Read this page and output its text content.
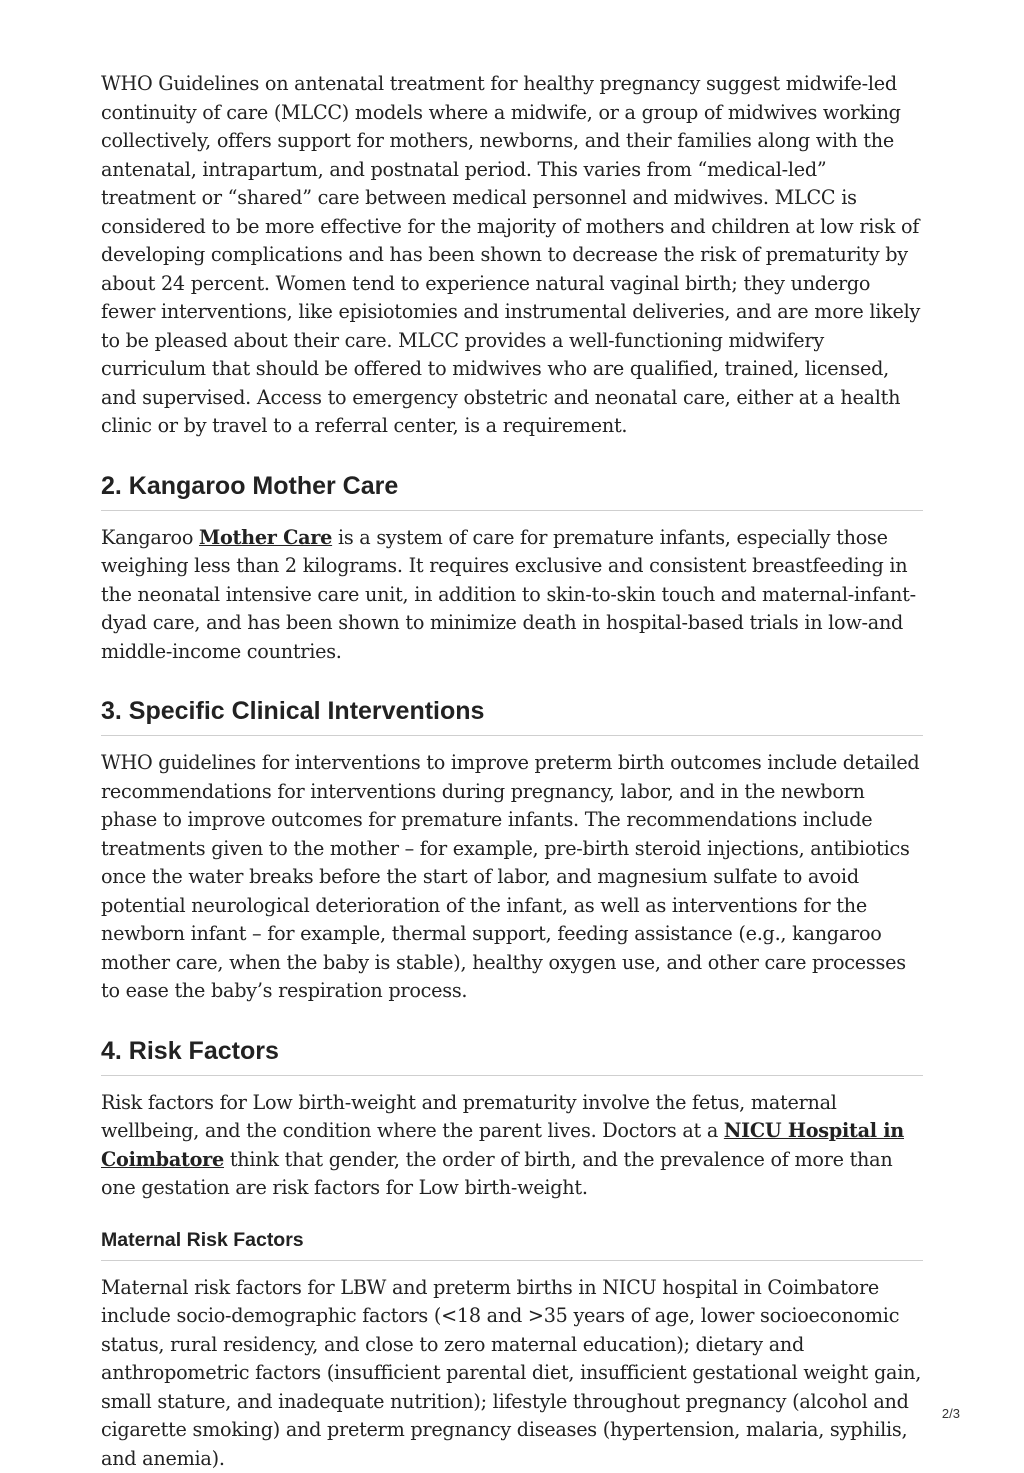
WHO Guidelines on antenatal treatment for healthy pregnancy suggest midwife-led continuity of care (MLCC) models where a midwife, or a group of midwives working collectively, offers support for mothers, newborns, and their families along with the antenatal, intrapartum, and postnatal period. This varies from “medical-led” treatment or “shared” care between medical personnel and midwives. MLCC is considered to be more effective for the majority of mothers and children at low risk of developing complications and has been shown to decrease the risk of prematurity by about 24 percent. Women tend to experience natural vaginal birth; they undergo fewer interventions, like episiotomies and instrumental deliveries, and are more likely to be pleased about their care. MLCC provides a well-functioning midwifery curriculum that should be offered to midwives who are qualified, trained, licensed, and supervised. Access to emergency obstetric and neonatal care, either at a health clinic or by travel to a referral center, is a requirement.

2. Kangaroo Mother Care

Kangaroo Mother Care is a system of care for premature infants, especially those weighing less than 2 kilograms. It requires exclusive and consistent breastfeeding in the neonatal intensive care unit, in addition to skin-to-skin touch and maternal-infant-dyad care, and has been shown to minimize death in hospital-based trials in low-and middle-income countries.

3. Specific Clinical Interventions

WHO guidelines for interventions to improve preterm birth outcomes include detailed recommendations for interventions during pregnancy, labor, and in the newborn phase to improve outcomes for premature infants. The recommendations include treatments given to the mother – for example, pre-birth steroid injections, antibiotics once the water breaks before the start of labor, and magnesium sulfate to avoid potential neurological deterioration of the infant, as well as interventions for the newborn infant – for example, thermal support, feeding assistance (e.g., kangaroo mother care, when the baby is stable), healthy oxygen use, and other care processes to ease the baby’s respiration process.

4. Risk Factors

Risk factors for Low birth-weight and prematurity involve the fetus, maternal wellbeing, and the condition where the parent lives. Doctors at a NICU Hospital in Coimbatore think that gender, the order of birth, and the prevalence of more than one gestation are risk factors for Low birth-weight.

Maternal Risk Factors

Maternal risk factors for LBW and preterm births in NICU hospital in Coimbatore include socio-demographic factors (<18 and >35 years of age, lower socioeconomic status, rural residency, and close to zero maternal education); dietary and anthropometric factors (insufficient parental diet, insufficient gestational weight gain, small stature, and inadequate nutrition); lifestyle throughout pregnancy (alcohol and cigarette smoking) and preterm pregnancy diseases (hypertension, malaria, syphilis, and anemia).

2/3
